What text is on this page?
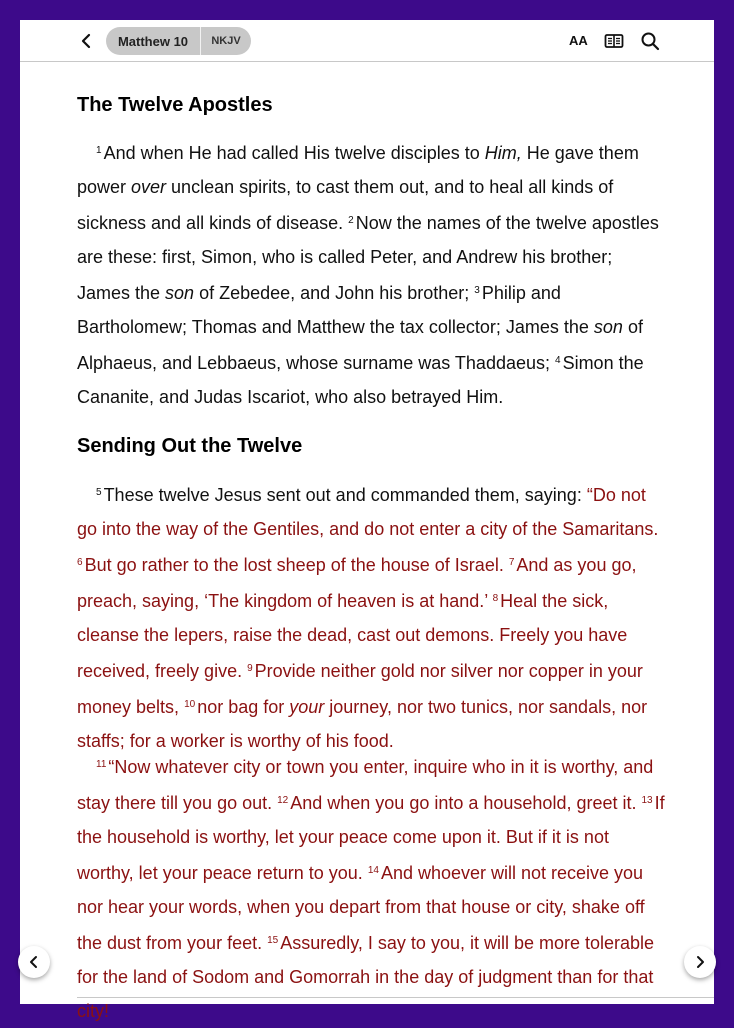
Matthew 10	NKJV	AA
The Twelve Apostles

$^1$ And when He had called His twelve disciples to Him, He gave them power over unclean spirits, to cast them out, and to heal all kinds of sickness and all kinds of disease. $^2$ Now the names of the twelve apostles are these: first, Simon, who is called Peter, and Andrew his brother; James the son of Zebedee, and John his brother; $^3$ Philip and Bartholomew; Thomas and Matthew the tax collector; James the son of Alphaeus, and Lebbaeus, whose surname was Thaddaeus; $^4$ Simon the Cananite, and Judas Iscariot, who also betrayed Him.

Sending Out the Twelve

$^5$ These twelve Jesus sent out and commanded them, saying: “Do not go into the way of the Gentiles, and do not enter a city of the Samaritans. $^6$ But go rather to the lost sheep of the house of Israel. $^7$ And as you go, preach, saying, ‘The kingdom of heaven is at hand.’ $^8$ Heal the sick, cleanse the lepers, raise the dead, cast out demons. Freely you have received, freely give. $^9$ Provide neither gold nor silver nor copper in your money belts, $^{10}$ nor bag for your journey, nor two tunics, nor sandals, nor staffs; for a worker is worthy of his food.

$^{11}$ “Now whatever city or town you enter, inquire who in it is worthy, and stay there till you go out. $^{12}$ And when you go into a household, greet it. $^{13}$ If the household is worthy, let your peace come upon it. But if it is not worthy, let your peace return to you. $^{14}$ And whoever will not receive you nor hear your words, when you depart from that house or city, shake off the dust from your feet. $^{15}$ Assuredly, I say to you, it will be more tolerable for the land of Sodom and Gomorrah in the day of judgment than for that city!
